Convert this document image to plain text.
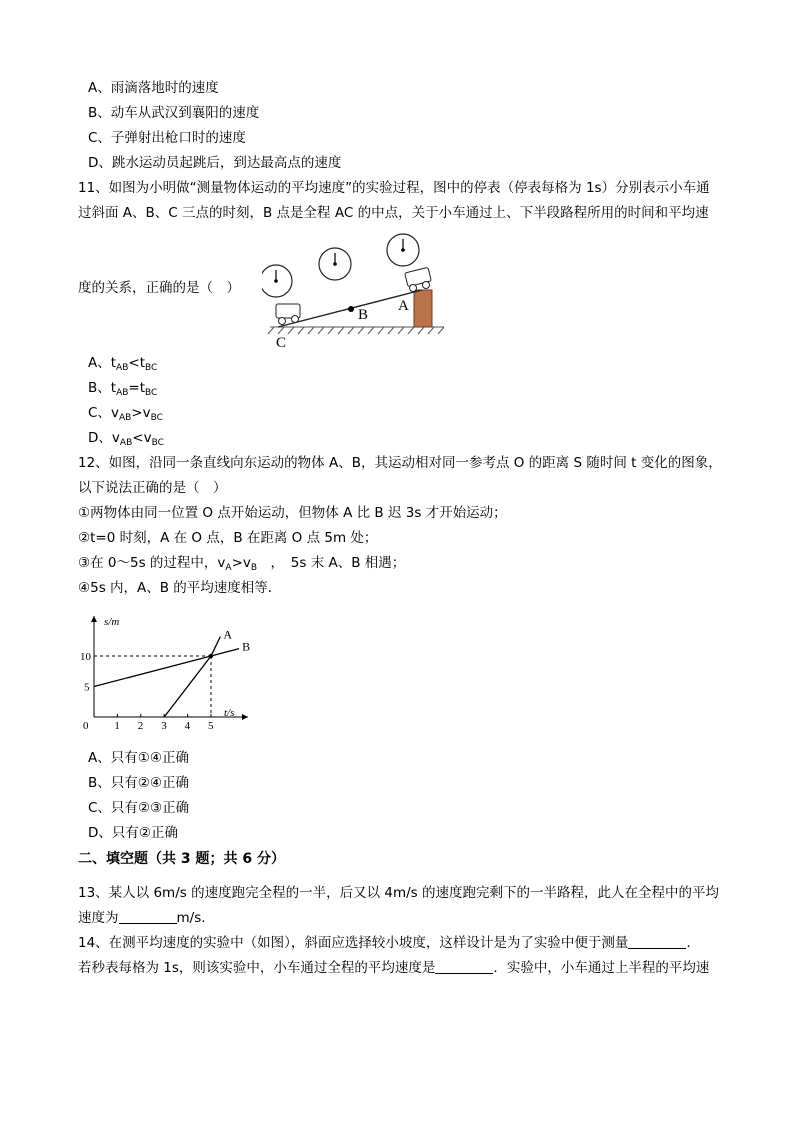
A、雨滴落地时的速度
B、动车从武汉到襄阳的速度
C、子弹射出枪口时的速度
D、跳水运动员起跳后，到达最高点的速度
11、如图为小明做“测量物体运动的平均速度”的实验过程，图中的停表（停表每格为 1s）分别表示小车通
过斜面 A、B、C 三点的时刻，B 点是全程 AC 的中点，关于小车通过上、下半段路程所用的时间和平均速
度的关系，正确的是（　）
A
B
C
A、$t_{AB}<t_{BC}$
B、$t_{AB}=t_{BC}$
C、$v_{AB}>v_{BC}$
D、$v_{AB}<v_{BC}$
12、如图，沿同一条直线向东运动的物体 A、B，其运动相对同一参考点 O 的距离 S 随时间 t 变化的图象，
以下说法正确的是（　）
①两物体由同一位置 O 点开始运动，但物体 A 比 B 迟 3s 才开始运动；
②t=0 时刻，A 在 O 点，B 在距离 O 点 5m 处；
③在 0～5s 的过程中，$v_A>v_B$　，　5s 末 A、B 相遇；
④5s 内，A、B 的平均速度相等．
0 1 2 3 4 5
5
10
s/m
t/s
A
B
A、只有①④正确
B、只有②④正确
C、只有②③正确
D、只有②正确
二、填空题（共 3 题；共 6 分）
13、某人以 6m/s 的速度跑完全程的一半，后又以 4m/s 的速度跑完剩下的一半路程，此人在全程中的平均
速度为	m/s．
14、在测平均速度的实验中（如图），斜面应选择较小坡度，这样设计是为了实验中便于测量	．
若秒表每格为 1s，则该实验中，小车通过全程的平均速度是	．实验中，小车通过上半程的平均速
